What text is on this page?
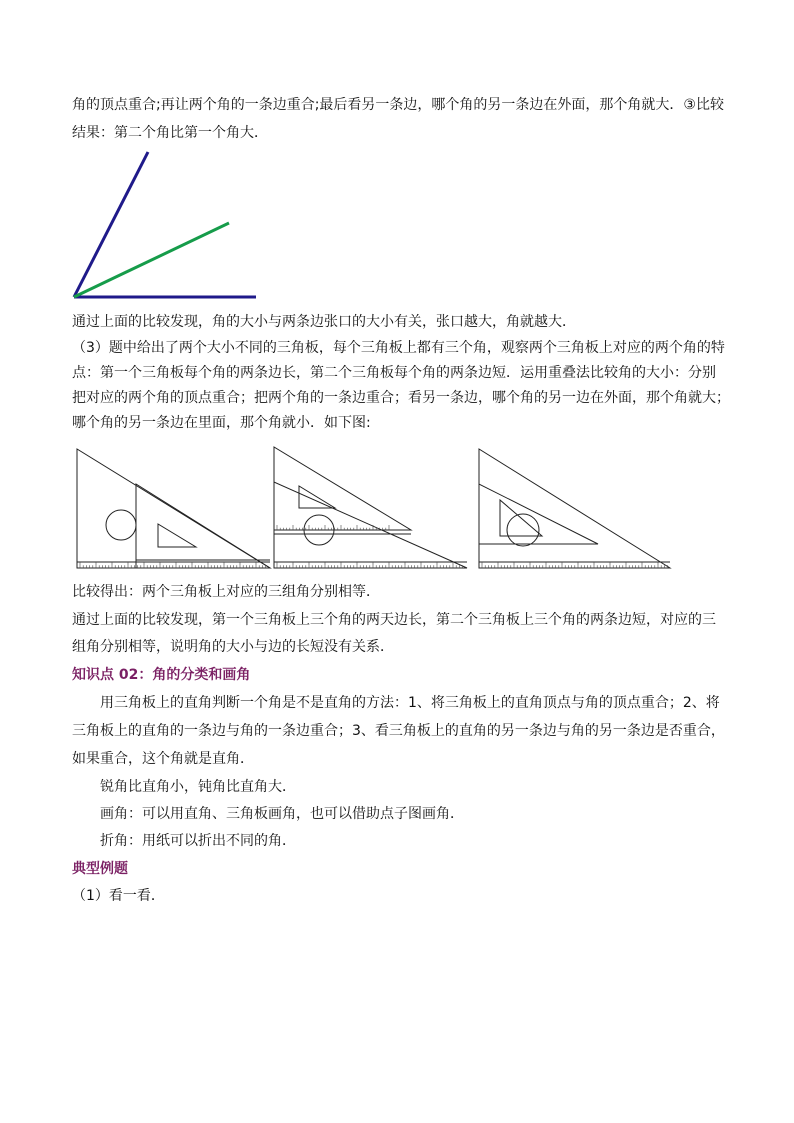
角的顶点重合;再让两个角的一条边重合;最后看另一条边，哪个角的另一条边在外面，那个角就大．③比较
结果：第二个角比第一个角大．
通过上面的比较发现，角的大小与两条边张口的大小有关，张口越大，角就越大．
（3）题中给出了两个大小不同的三角板，每个三角板上都有三个角，观察两个三角板上对应的两个角的特
点：第一个三角板每个角的两条边长，第二个三角板每个角的两条边短．运用重叠法比较角的大小：分别
把对应的两个角的顶点重合；把两个角的一条边重合；看另一条边，哪个角的另一边在外面，那个角就大；
哪个角的另一条边在里面，那个角就小．如下图:
比较得出：两个三角板上对应的三组角分别相等．
通过上面的比较发现，第一个三角板上三个角的两天边长，第二个三角板上三个角的两条边短，对应的三
组角分别相等，说明角的大小与边的长短没有关系．
知识点 02：角的分类和画角
用三角板上的直角判断一个角是不是直角的方法：1、将三角板上的直角顶点与角的顶点重合；2、将
三角板上的直角的一条边与角的一条边重合；3、看三角板上的直角的另一条边与角的另一条边是否重合，
如果重合，这个角就是直角．
锐角比直角小，钝角比直角大．
画角：可以用直角、三角板画角，也可以借助点子图画角．
折角：用纸可以折出不同的角．
典型例题
（1）看一看．
